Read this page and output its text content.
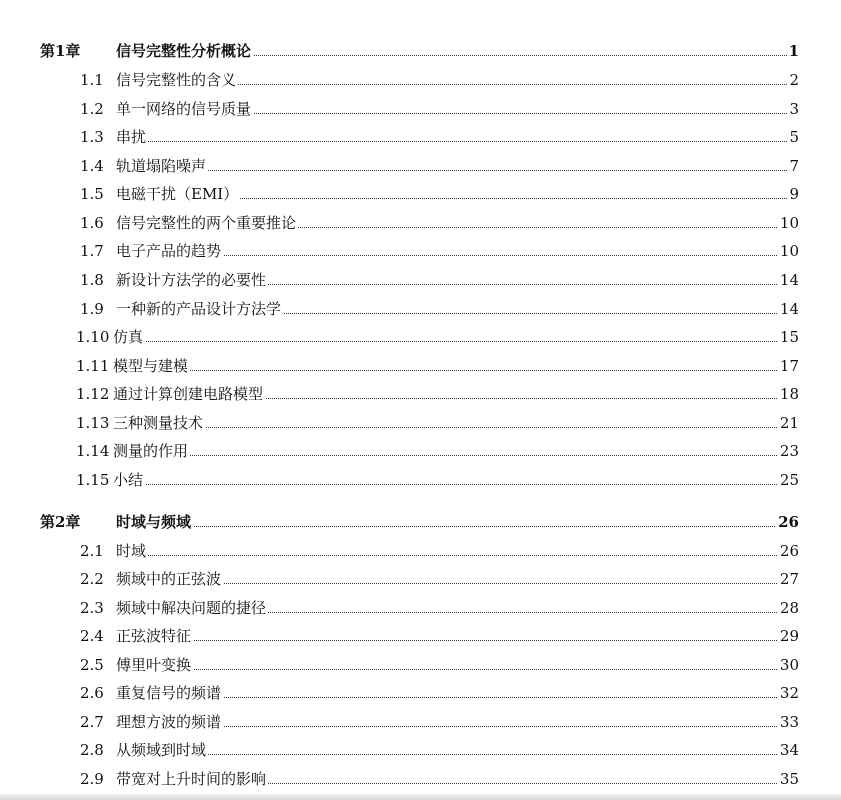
第1章 信号完整性分析概论	1
1.1 信号完整性的含义	2
1.2 单一网络的信号质量	3
1.3 串扰	5
1.4 轨道塌陷噪声	7
1.5 电磁干扰（EMI）	9
1.6 信号完整性的两个重要推论	10
1.7 电子产品的趋势	10
1.8 新设计方法学的必要性	14
1.9 一种新的产品设计方法学	14
1.10 仿真	15
1.11 模型与建模	17
1.12 通过计算创建电路模型	18
1.13 三种测量技术	21
1.14 测量的作用	23
1.15 小结	25
第2章 时域与频域	26
2.1 时域	26
2.2 频域中的正弦波	27
2.3 频域中解决问题的捷径	28
2.4 正弦波特征	29
2.5 傅里叶变换	30
2.6 重复信号的频谱	32
2.7 理想方波的频谱	33
2.8 从频域到时域	34
2.9 带宽对上升时间的影响	35
